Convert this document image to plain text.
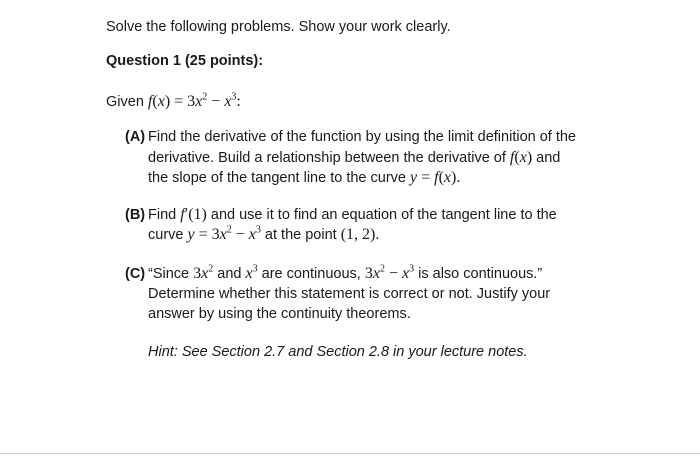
Solve the following problems. Show your work clearly.
Question 1 (25 points):
Given $f(x) = 3x^2 - x^3$:
(A) Find the derivative of the function by using the limit definition of the
derivative. Build a relationship between the derivative of f(x) and
the slope of the tangent line to the curve y = f(x).
(B) Find f′(1) and use it to find an equation of the tangent line to the
curve $y = 3x^2 - x^3$ at the point (1, 2).
(C) “Since $3x^2$ and $x^3$ are continuous, $3x^2 - x^3$ is also continuous.”
Determine whether this statement is correct or not. Justify your
answer by using the continuity theorems.
Hint: See Section 2.7 and Section 2.8 in your lecture notes.
